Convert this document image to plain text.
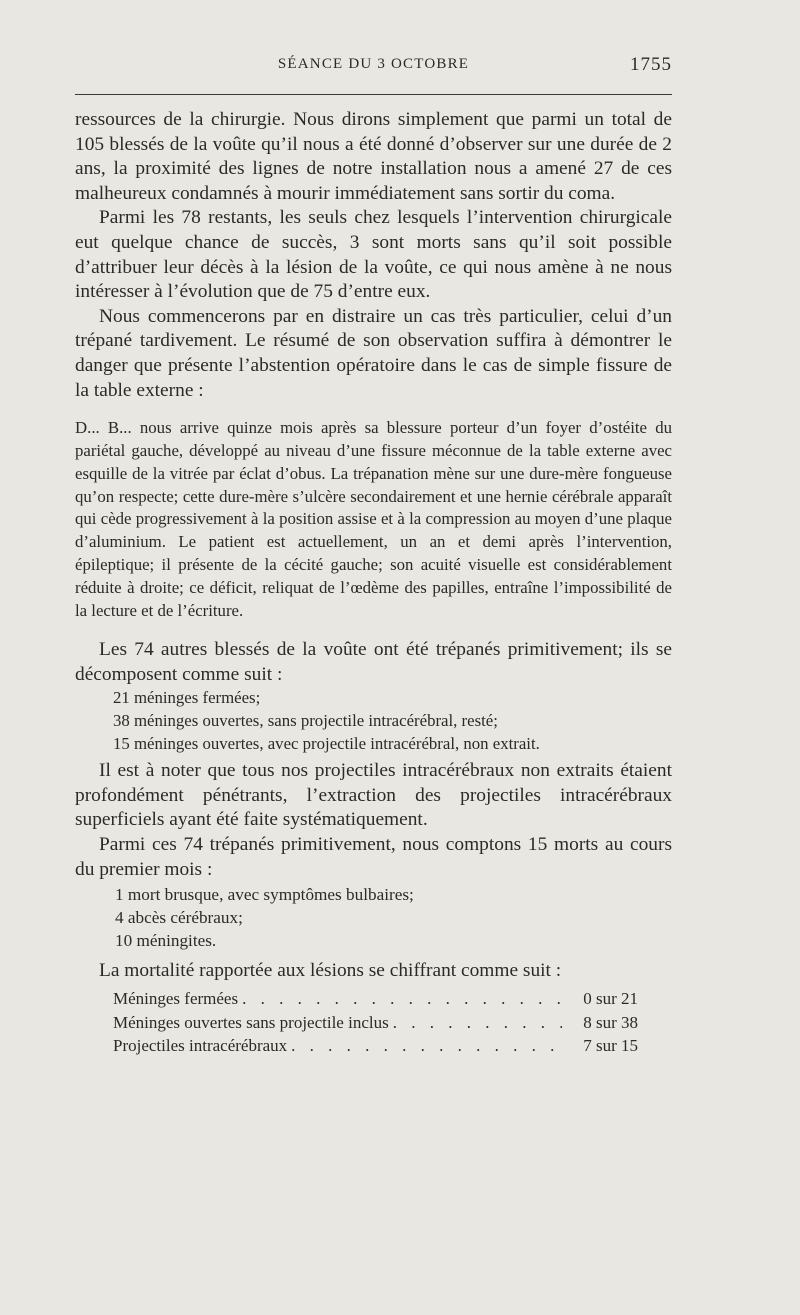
SÉANCE DU 3 OCTOBRE	1755

ressources de la chirurgie. Nous dirons simplement que parmi un total de 105 blessés de la voûte qu’il nous a été donné d’observer sur une durée de 2 ans, la proximité des lignes de notre installation nous a amené 27 de ces malheureux condamnés à mourir immédiatement sans sortir du coma.

Parmi les 78 restants, les seuls chez lesquels l’intervention chirurgicale eut quelque chance de succès, 3 sont morts sans qu’il soit possible d’attribuer leur décès à la lésion de la voûte, ce qui nous amène à ne nous intéresser à l’évolution que de 75 d’entre eux.

Nous commencerons par en distraire un cas très particulier, celui d’un trépané tardivement. Le résumé de son observation suffira à démontrer le danger que présente l’abstention opératoire dans le cas de simple fissure de la table externe :

D... B... nous arrive quinze mois après sa blessure porteur d’un foyer d’ostéite du pariétal gauche, développé au niveau d’une fissure méconnue de la table externe avec esquille de la vitrée par éclat d’obus. La trépanation mène sur une dure-mère fongueuse qu’on respecte; cette dure-mère s’ulcère secondairement et une hernie cérébrale apparaît qui cède progressivement à la position assise et à la compression au moyen d’une plaque d’aluminium. Le patient est actuellement, un an et demi après l’intervention, épileptique; il présente de la cécité gauche; son acuité visuelle est considérablement réduite à droite; ce déficit, reliquat de l’œdème des papilles, entraîne l’impossibilité de la lecture et de l’écriture.

Les 74 autres blessés de la voûte ont été trépanés primitivement; ils se décomposent comme suit :

21 méninges fermées;
38 méninges ouvertes, sans projectile intracérébral, resté;
15 méninges ouvertes, avec projectile intracérébral, non extrait.

Il est à noter que tous nos projectiles intracérébraux non extraits étaient profondément pénétrants, l’extraction des projectiles intracérébraux superficiels ayant été faite systématiquement.

Parmi ces 74 trépanés primitivement, nous comptons 15 morts au cours du premier mois :

1 mort brusque, avec symptômes bulbaires;
4 abcès cérébraux;
10 méningites.

La mortalité rapportée aux lésions se chiffrant comme suit :

Méninges fermées . . .	0 sur 21
Méninges ouvertes sans projectile inclus . . .	8 sur 38
Projectiles intracérébraux . . .	7 sur 15
